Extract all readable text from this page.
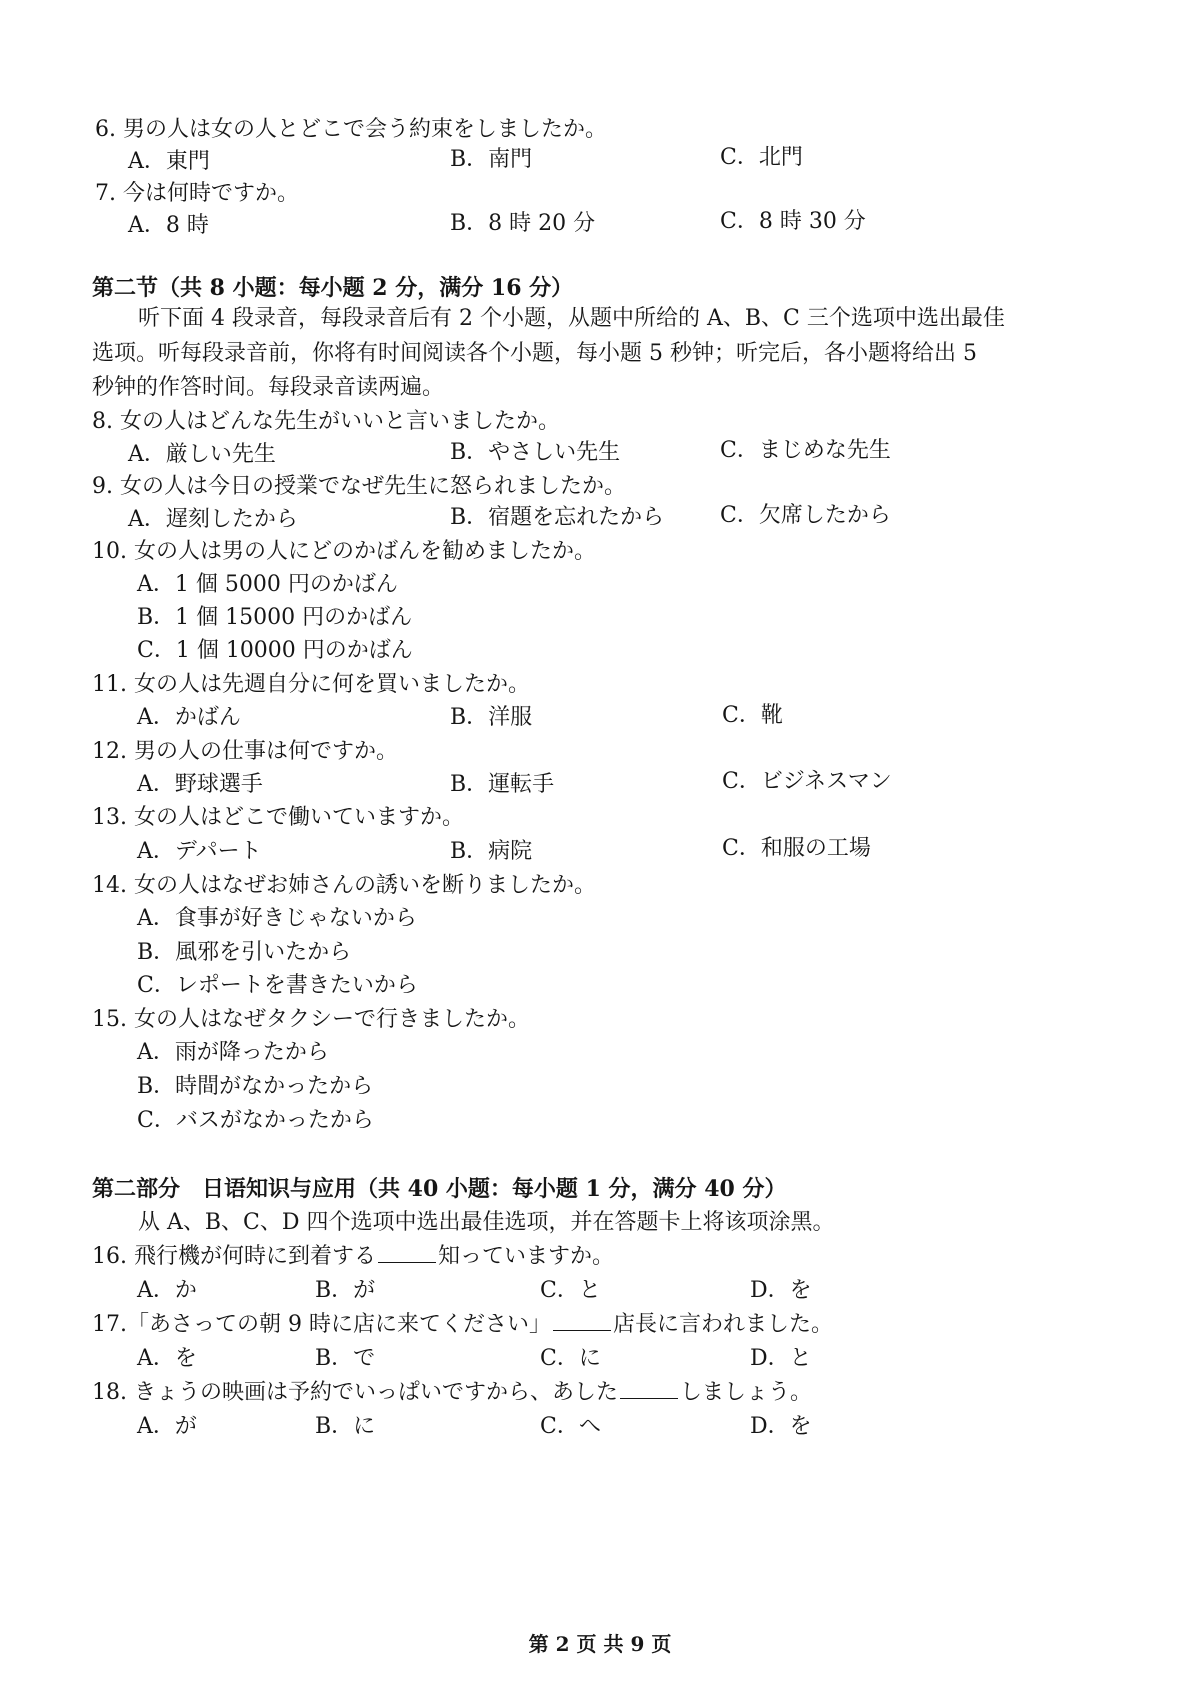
6. 男の人は女の人とどこで会う約束をしましたか。
A．東門	B．南門	C．北門
7. 今は何時ですか。
A．8 時	B．8 時 20 分	C．8 時 30 分
第二节（共 8 小题：每小题 2 分，满分 16 分）
听下面 4 段录音，每段录音后有 2 个小题，从题中所给的 A、B、C 三个选项中选出最佳
选项。听每段录音前，你将有时间阅读各个小题，每小题 5 秒钟；听完后，各小题将给出 5
秒钟的作答时间。每段录音读两遍。
8. 女の人はどんな先生がいいと言いましたか。
A．厳しい先生	B．やさしい先生	C．まじめな先生
9. 女の人は今日の授業でなぜ先生に怒られましたか。
A．遅刻したから	B．宿題を忘れたから	C．欠席したから
10. 女の人は男の人にどのかばんを勧めましたか。
A．1 個 5000 円のかばん
B．1 個 15000 円のかばん
C．1 個 10000 円のかばん
11. 女の人は先週自分に何を買いましたか。
A．かばん	B．洋服	C．靴
12. 男の人の仕事は何ですか。
A．野球選手	B．運転手	C．ビジネスマン
13. 女の人はどこで働いていますか。
A．デパート	B．病院	C．和服の工場
14. 女の人はなぜお姉さんの誘いを断りましたか。
A．食事が好きじゃないから
B．風邪を引いたから
C．レポートを書きたいから
15. 女の人はなぜタクシーで行きましたか。
A．雨が降ったから
B．時間がなかったから
C．バスがなかったから
第二部分　日语知识与应用（共 40 小题：每小题 1 分，满分 40 分）
从 A、B、C、D 四个选项中选出最佳选项，并在答题卡上将该项涂黑。
16. 飛行機が何時に到着する	知っていますか。
A．か	B．が	C．と	D．を
17.「あさっての朝 9 時に店に来てください」	店長に言われました。
A．を	B．で	C．に	D．と
18. きょうの映画は予約でいっぱいですから、あした	しましょう。
A．が	B．に	C．へ	D．を
第 2 页 共 9 页
